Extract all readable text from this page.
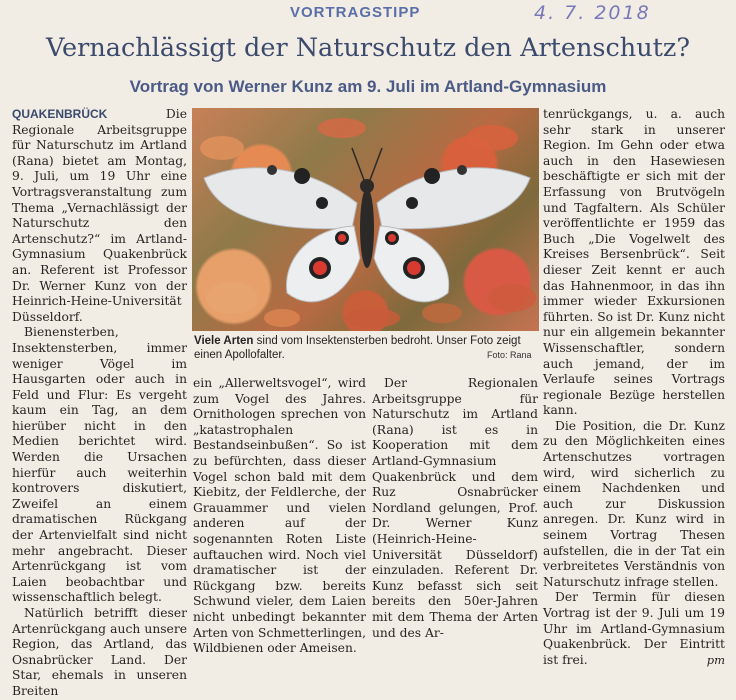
VORTRAGSTIPP	4. 7. 2018
Vernachlässigt der Naturschutz den Artenschutz?
Vortrag von Werner Kunz am 9. Juli im Artland-Gymnasium

QUAKENBRÜCK Die Regionale Arbeitsgruppe für Naturschutz im Artland (Rana) bietet am Montag, 9. Juli, um 19 Uhr eine Vortragsveranstaltung zum Thema „Vernachlässigt der Naturschutz den Artenschutz?“ im Artland-Gymnasium Quakenbrück an. Referent ist Professor Dr. Werner Kunz von der Heinrich-Heine-Universität Düsseldorf.

Bienensterben, Insektensterben, immer weniger Vögel im Hausgarten oder auch in Feld und Flur: Es vergeht kaum ein Tag, an dem hierüber nicht in den Medien berichtet wird. Werden die Ursachen hierfür auch weiterhin kontrovers diskutiert, Zweifel an einem dramatischen Rückgang der Artenvielfalt sind nicht mehr angebracht. Dieser Artenrückgang ist vom Laien beobachtbar und wissenschaftlich belegt.

Natürlich betrifft dieser Artenrückgang auch unsere Region, das Artland, das Osnabrücker Land. Der Star, ehemals in unseren Breiten

Viele Arten sind vom Insektensterben bedroht. Unser Foto zeigt einen Apollofalter.	Foto: Rana

ein „Allerweltsvogel“, wird zum Vogel des Jahres. Ornithologen sprechen von „katastrophalen Bestandseinbußen“. So ist zu befürchten, dass dieser Vogel schon bald mit dem Kiebitz, der Feldlerche, der Grauammer und vielen anderen auf der sogenannten Roten Liste auftauchen wird. Noch viel dramatischer ist der Rückgang bzw. bereits Schwund vieler, dem Laien nicht unbedingt bekannter Arten von Schmetterlingen, Wildbienen oder Ameisen.

Der Regionalen Arbeitsgruppe für Naturschutz im Artland (Rana) ist es in Kooperation mit dem Artland-Gymnasium Quakenbrück und dem Ruz Osnabrücker Nordland gelungen, Prof. Dr. Werner Kunz (Heinrich-Heine-Universität Düsseldorf) einzuladen. Referent Dr. Kunz befasst sich seit bereits den 50er-Jahren mit dem Thema der Arten und des Ar-

tenrückgangs, u. a. auch sehr stark in unserer Region. Im Gehn oder etwa auch in den Hasewiesen beschäftigte er sich mit der Erfassung von Brutvögeln und Tagfaltern. Als Schüler veröffentlichte er 1959 das Buch „Die Vogelwelt des Kreises Bersenbrück“. Seit dieser Zeit kennt er auch das Hahnenmoor, in das ihn immer wieder Exkursionen führten. So ist Dr. Kunz nicht nur ein allgemein bekannter Wissenschaftler, sondern auch jemand, der im Verlaufe seines Vortrags regionale Bezüge herstellen kann.

Die Position, die Dr. Kunz zu den Möglichkeiten eines Artenschutzes vortragen wird, wird sicherlich zu einem Nachdenken und auch zur Diskussion anregen. Dr. Kunz wird in seinem Vortrag Thesen aufstellen, die in der Tat ein verbreitetes Verständnis von Naturschutz infrage stellen.

Der Termin für diesen Vortrag ist der 9. Juli um 19 Uhr im Artland-Gymnasium Quakenbrück. Der Eintritt ist frei.	pm
